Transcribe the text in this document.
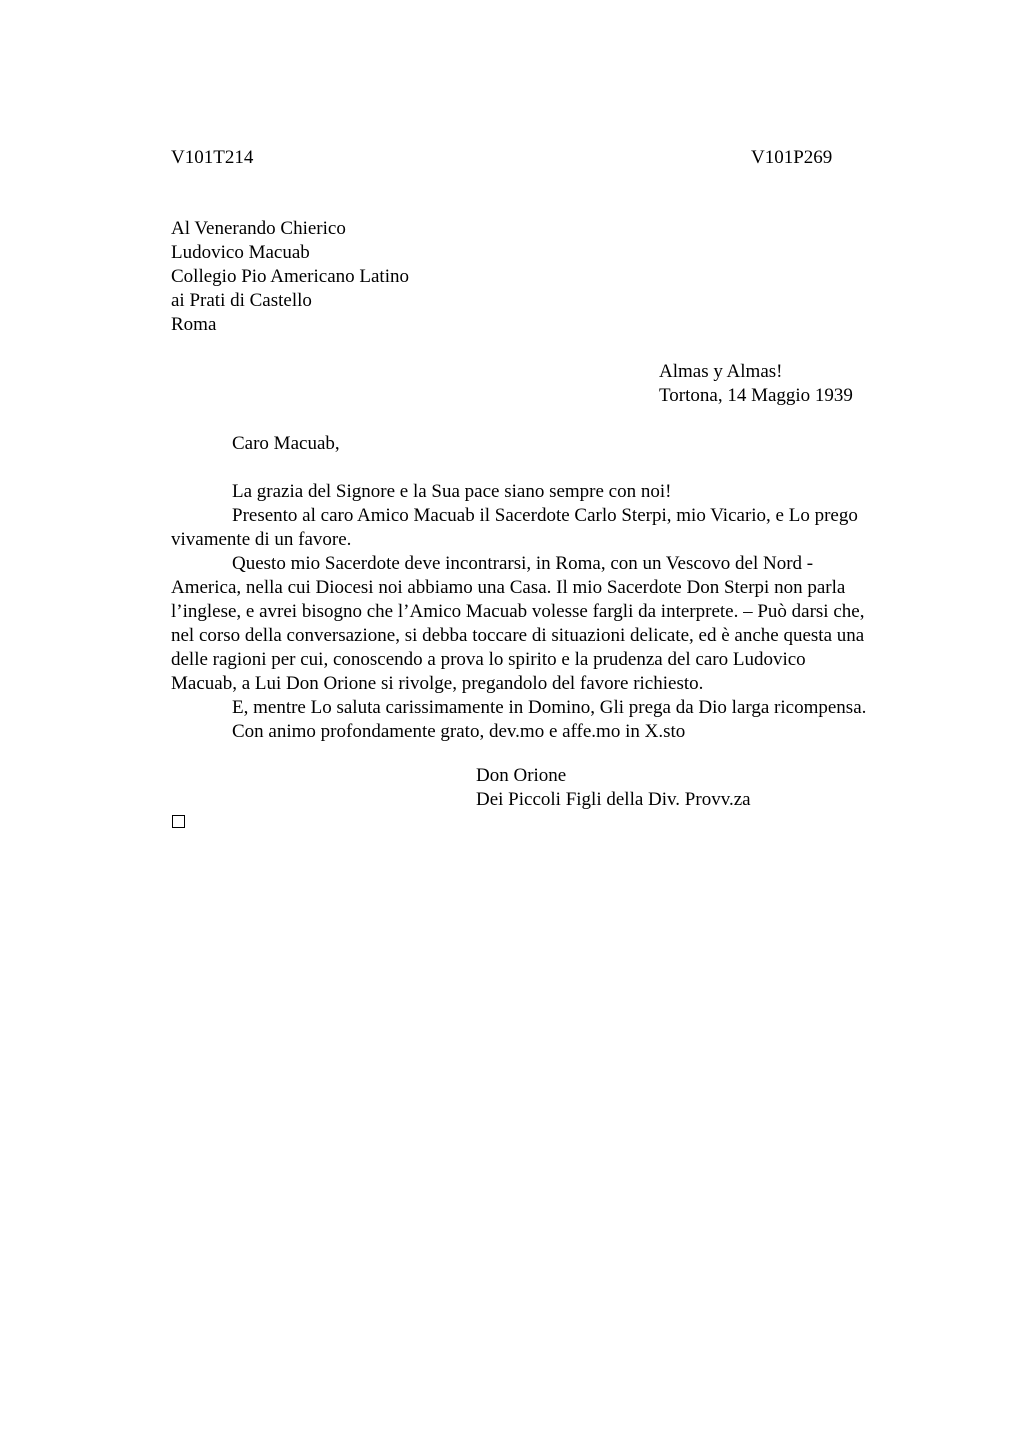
V101T214	V101P269
Al Venerando Chierico
Ludovico Macuab
Collegio Pio Americano Latino
ai Prati di Castello
Roma
Almas y Almas!
Tortona, 14 Maggio 1939
Caro Macuab,

La grazia del Signore e la Sua pace siano sempre con noi!

Presento al caro Amico Macuab il Sacerdote Carlo Sterpi, mio Vicario, e Lo prego

vivamente di un favore.

Questo mio Sacerdote deve incontrarsi, in Roma, con un Vescovo del Nord -

America, nella cui Diocesi noi abbiamo una Casa. Il mio Sacerdote Don Sterpi non parla

l’inglese, e avrei bisogno che l’Amico Macuab volesse fargli da interprete. – Può darsi che,

nel corso della conversazione, si debba toccare di situazioni delicate, ed è anche questa una

delle ragioni per cui, conoscendo a prova lo spirito e la prudenza del caro Ludovico

Macuab, a Lui Don Orione si rivolge, pregandolo del favore richiesto.

E, mentre Lo saluta carissimamente in Domino, Gli prega da Dio larga ricompensa.

Con animo profondamente grato, dev.mo e affe.mo in X.sto

Don Orione
Dei Piccoli Figli della Div. Provv.za
